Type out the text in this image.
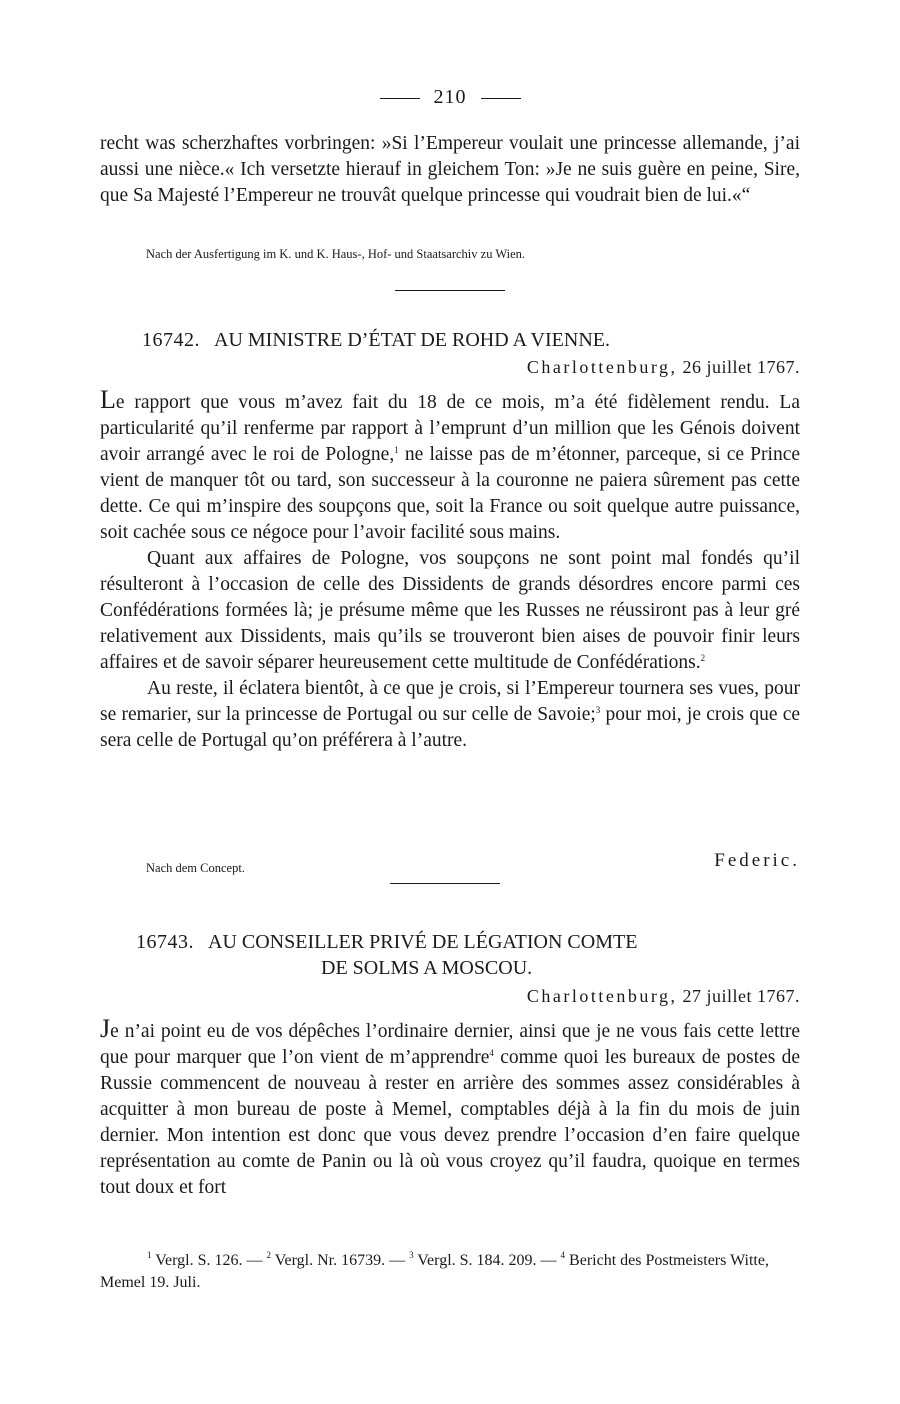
210

recht was scherzhaftes vorbringen: »Si l’Empereur voulait une princesse allemande, j’ai aussi une nièce.« Ich versetzte hierauf in gleichem Ton: »Je ne suis guère en peine, Sire, que Sa Majesté l’Empereur ne trouvât quelque princesse qui voudrait bien de lui.«“

Nach der Ausfertigung im K. und K. Haus-, Hof- und Staatsarchiv zu Wien.
16742. AU MINISTRE D’ÉTAT DE ROHD A VIENNE.
Charlottenburg, 26 juillet 1767.

Le rapport que vous m’avez fait du 18 de ce mois, m’a été fidèlement rendu. La particularité qu’il renferme par rapport à l’emprunt d’un million que les Génois doivent avoir arrangé avec le roi de Pologne,$^1$ ne laisse pas de m’étonner, parceque, si ce Prince vient de manquer tôt ou tard, son successeur à la couronne ne paiera sûrement pas cette dette. Ce qui m’inspire des soupçons que, soit la France ou soit quelque autre puissance, soit cachée sous ce négoce pour l’avoir facilité sous mains.

Quant aux affaires de Pologne, vos soupçons ne sont point mal fondés qu’il résulteront à l’occasion de celle des Dissidents de grands désordres encore parmi ces Confédérations formées là; je présume même que les Russes ne réussiront pas à leur gré relativement aux Dissidents, mais qu’ils se trouveront bien aises de pouvoir finir leurs affaires et de savoir séparer heureusement cette multitude de Confédérations.$^2$

Au reste, il éclatera bientôt, à ce que je crois, si l’Empereur tournera ses vues, pour se remarier, sur la princesse de Portugal ou sur celle de Savoie;$^3$ pour moi, je crois que ce sera celle de Portugal qu’on préférera à l’autre.

Nach dem Concept.	Federic.
16743. AU CONSEILLER PRIVÉ DE LÉGATION COMTE
DE SOLMS A MOSCOU.
Charlottenburg, 27 juillet 1767.

Je n’ai point eu de vos dépêches l’ordinaire dernier, ainsi que je ne vous fais cette lettre que pour marquer que l’on vient de m’apprendre$^4$ comme quoi les bureaux de postes de Russie commencent de nouveau à rester en arrière des sommes assez considérables à acquitter à mon bureau de poste à Memel, comptables déjà à la fin du mois de juin dernier. Mon intention est donc que vous devez prendre l’occasion d’en faire quelque représentation au comte de Panin ou là où vous croyez qu’il faudra, quoique en termes tout doux et fort

$^1$ Vergl. S. 126. — $^2$ Vergl. Nr. 16739. — $^3$ Vergl. S. 184. 209. — $^4$ Bericht des Postmeisters Witte, Memel 19. Juli.
